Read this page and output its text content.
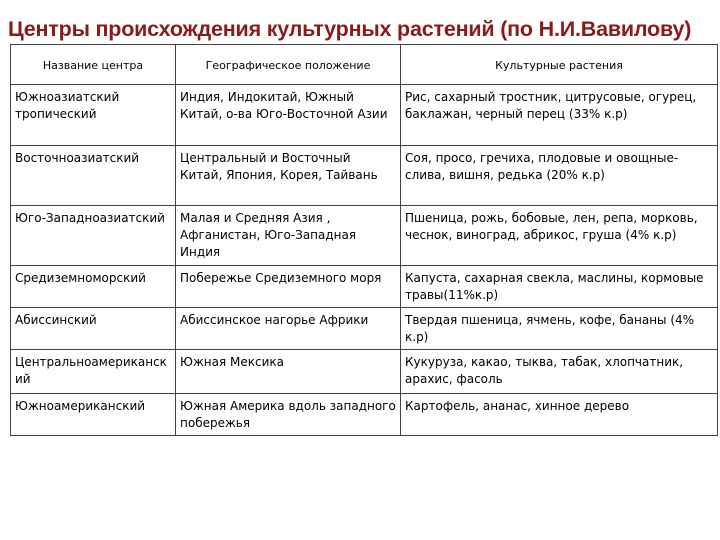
Центры происхождения культурных растений (по Н.И.Вавилову)
Название центра	Географическое положение	Культурные растения
Южноазиатский тропический	Индия, Индокитай, Южный Китай, о-ва Юго-Восточной Азии	Рис, сахарный тростник, цитрусовые, огурец, баклажан, черный перец (33% к.р)
Восточноазиатский	Центральный и Восточный Китай, Япония, Корея, Тайвань	Соя, просо, гречиха, плодовые и овощные- слива, вишня, редька (20% к.р)
Юго-Западноазиатский	Малая и Средняя Азия , Афганистан, Юго-Западная Индия	Пшеница, рожь, бобовые, лен, репа, морковь, чеснок, виноград, абрикос, груша (4% к.р)
Средиземноморский	Побережье Средиземного моря	Капуста, сахарная свекла, маслины, кормовые травы(11%к.р)
Абиссинский	Абиссинское нагорье Африки	Твердая пшеница, ячмень, кофе, бананы (4% к.р)
Центральноамериканский	Южная Мексика	Кукуруза, какао, тыква, табак, хлопчатник, арахис, фасоль
Южноамериканский	Южная Америка вдоль западного побережья	Картофель, ананас, хинное дерево
